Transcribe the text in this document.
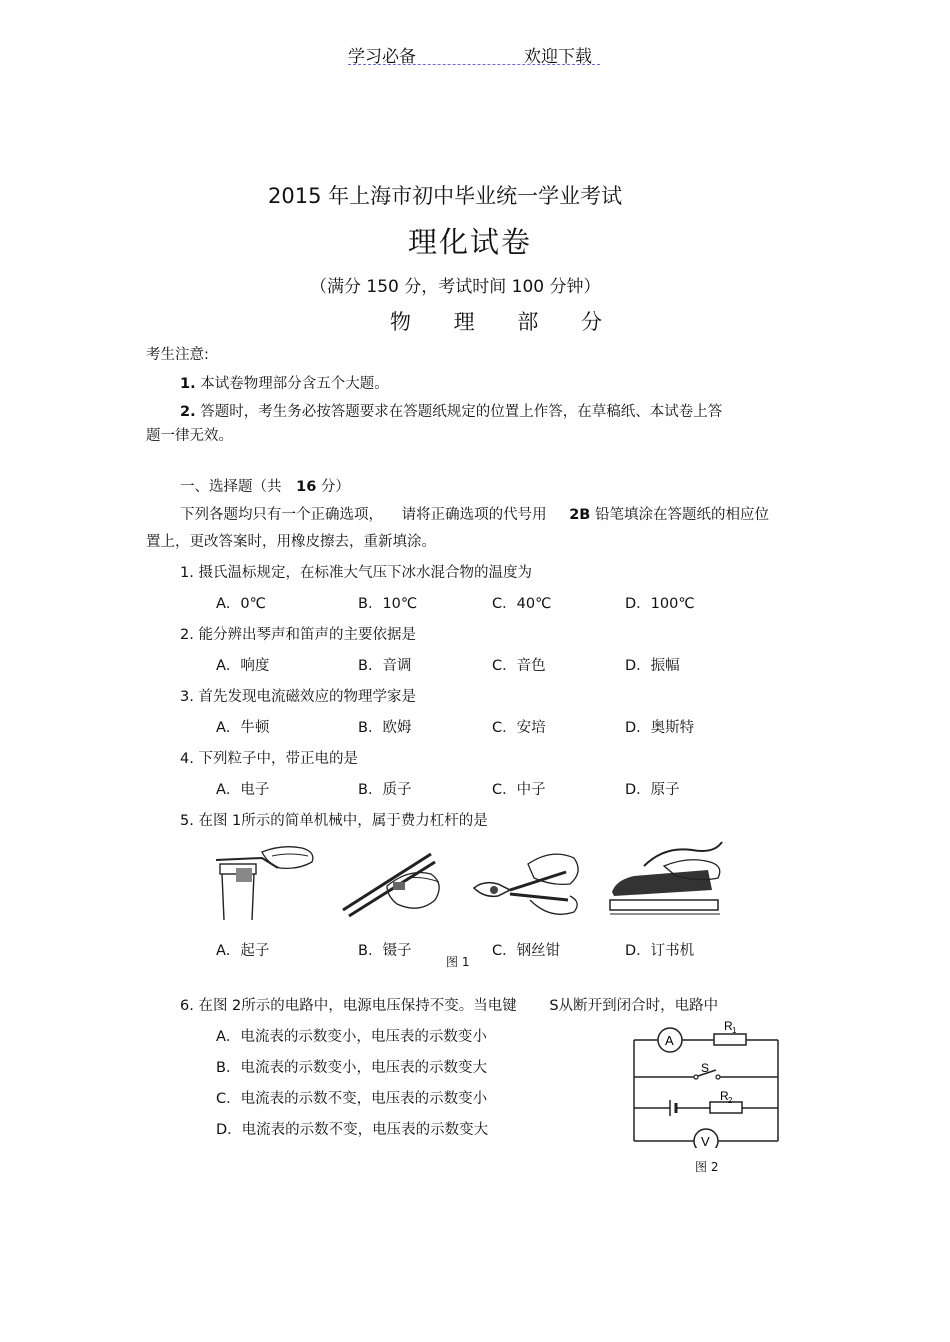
学习必备	欢迎下载
2015 年上海市初中毕业统一学业考试
理化试卷
（满分 150 分，考试时间 100 分钟）
物 理 部 分
考生注意:
1. 本试卷物理部分含五个大题。
2. 答题时，考生务必按答题要求在答题纸规定的位置上作答，在草稿纸、本试卷上答
题一律无效。
一、选择题（共 16 分）
下列各题均只有一个正确选项， 请将正确选项的代号用 2B 铅笔填涂在答题纸的相应位
置上，更改答案时，用橡皮擦去，重新填涂。
1. 摄氏温标规定，在标准大气压下冰水混合物的温度为
A．0℃	B．10℃	C．40℃	D．100℃
2. 能分辨出琴声和笛声的主要依据是
A．响度	B．音调	C．音色	D．振幅
3. 首先发现电流磁效应的物理学家是
A．牛顿	B．欧姆	C．安培	D．奥斯特
4. 下列粒子中，带正电的是
A．电子	B．质子	C．中子	D．原子
5. 在图 1所示的简单机械中，属于费力杠杆的是
A．起子	B．镊子	C．钢丝钳	D．订书机
图 1
6. 在图 2所示的电路中，电源电压保持不变。当电键 S从断开到闭合时，电路中
A．电流表的示数变小，电压表的示数变小
B．电流表的示数变小，电压表的示数变大
C．电流表的示数不变，电压表的示数变小
D．电流表的示数不变，电压表的示数变大
A
R 1
S
R 2
V
图 2
